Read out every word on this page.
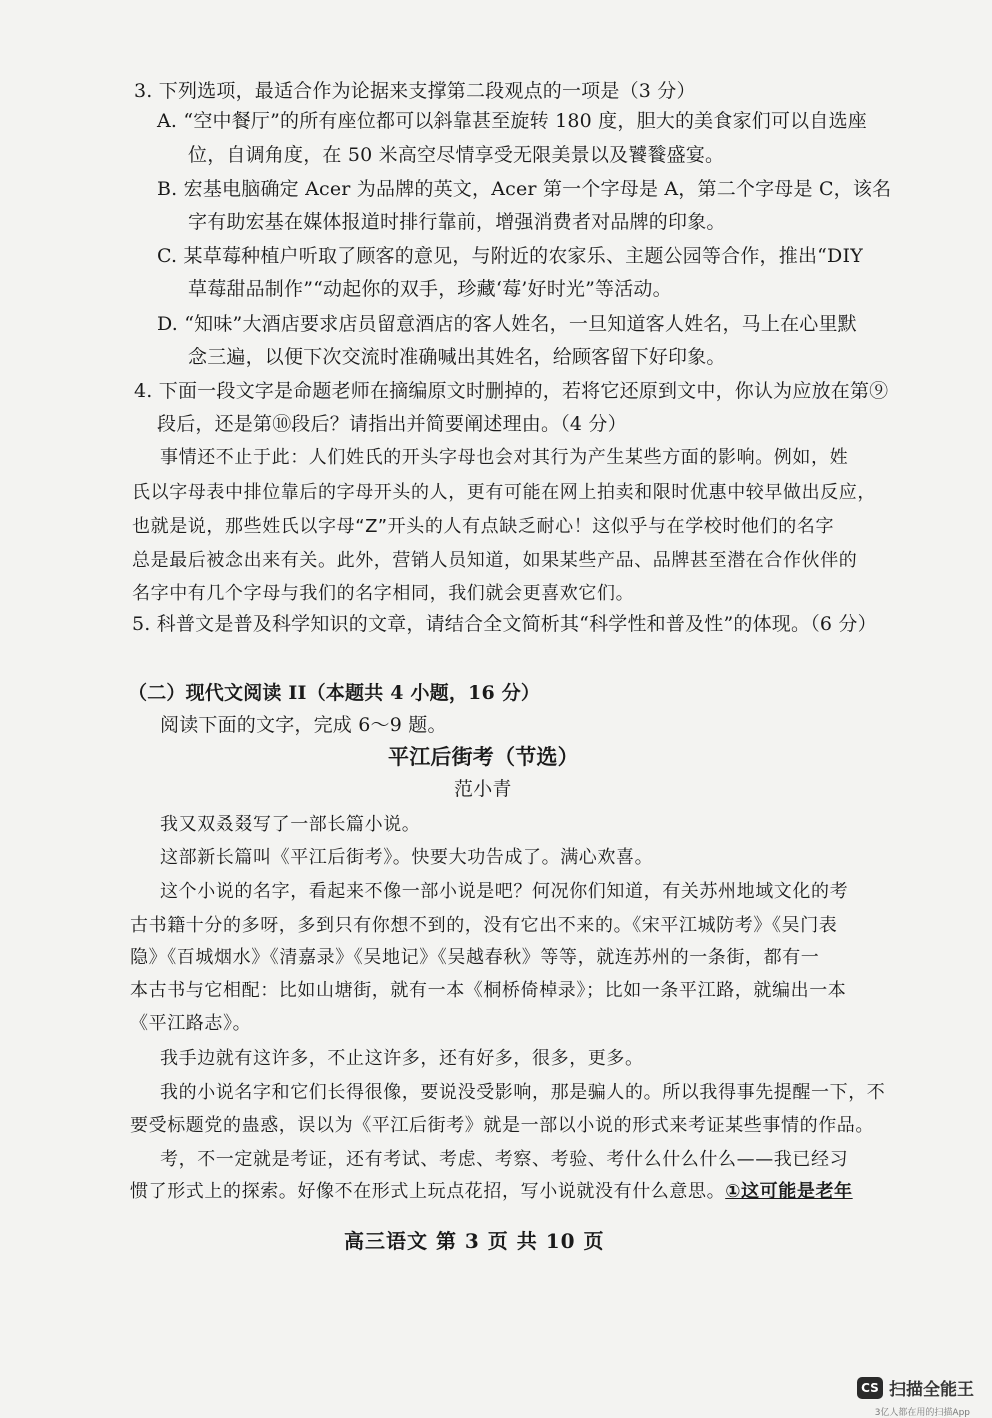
3. 下列选项，最适合作为论据来支撑第二段观点的一项是（3 分）
A. “空中餐厅”的所有座位都可以斜靠甚至旋转 180 度，胆大的美食家们可以自选座
位，自调角度，在 50 米高空尽情享受无限美景以及饕餮盛宴。
B. 宏基电脑确定 Acer 为品牌的英文，Acer 第一个字母是 A，第二个字母是 C，该名
字有助宏基在媒体报道时排行靠前，增强消费者对品牌的印象。
C. 某草莓种植户听取了顾客的意见，与附近的农家乐、主题公园等合作，推出“DIY
草莓甜品制作”“动起你的双手，珍藏‘莓’好时光”等活动。
D. “知味”大酒店要求店员留意酒店的客人姓名，一旦知道客人姓名，马上在心里默
念三遍，以便下次交流时准确喊出其姓名，给顾客留下好印象。
4. 下面一段文字是命题老师在摘编原文时删掉的，若将它还原到文中，你认为应放在第⑨
段后，还是第⑩段后？请指出并简要阐述理由。（4 分）
事情还不止于此：人们姓氏的开头字母也会对其行为产生某些方面的影响。例如，姓
氏以字母表中排位靠后的字母开头的人，更有可能在网上拍卖和限时优惠中较早做出反应，
也就是说，那些姓氏以字母“Z”开头的人有点缺乏耐心！这似乎与在学校时他们的名字
总是最后被念出来有关。此外，营销人员知道，如果某些产品、品牌甚至潜在合作伙伴的
名字中有几个字母与我们的名字相同，我们就会更喜欢它们。
5. 科普文是普及科学知识的文章，请结合全文简析其“科学性和普及性”的体现。（6 分）
（二）现代文阅读 II（本题共 4 小题，16 分）
阅读下面的文字，完成 6～9 题。
平江后街考（节选）
范小青
我又双叒叕写了一部长篇小说。
这部新长篇叫《平江后街考》。快要大功告成了。满心欢喜。
这个小说的名字，看起来不像一部小说是吧？何况你们知道，有关苏州地域文化的考
古书籍十分的多呀，多到只有你想不到的，没有它出不来的。《宋平江城防考》《吴门表
隐》《百城烟水》《清嘉录》《吴地记》《吴越春秋》等等，就连苏州的一条街，都有一
本古书与它相配：比如山塘街，就有一本《桐桥倚棹录》；比如一条平江路，就编出一本
《平江路志》。
我手边就有这许多，不止这许多，还有好多，很多，更多。
我的小说名字和它们长得很像，要说没受影响，那是骗人的。所以我得事先提醒一下，不
要受标题党的蛊惑，误以为《平江后街考》就是一部以小说的形式来考证某些事情的作品。
考，不一定就是考证，还有考试、考虑、考察、考验、考什么什么什么——我已经习
惯了形式上的探索。好像不在形式上玩点花招，写小说就没有什么意思。①这可能是老年
高三语文 第 3 页 共 10 页
CS 扫描全能王
3亿人都在用的扫描App
